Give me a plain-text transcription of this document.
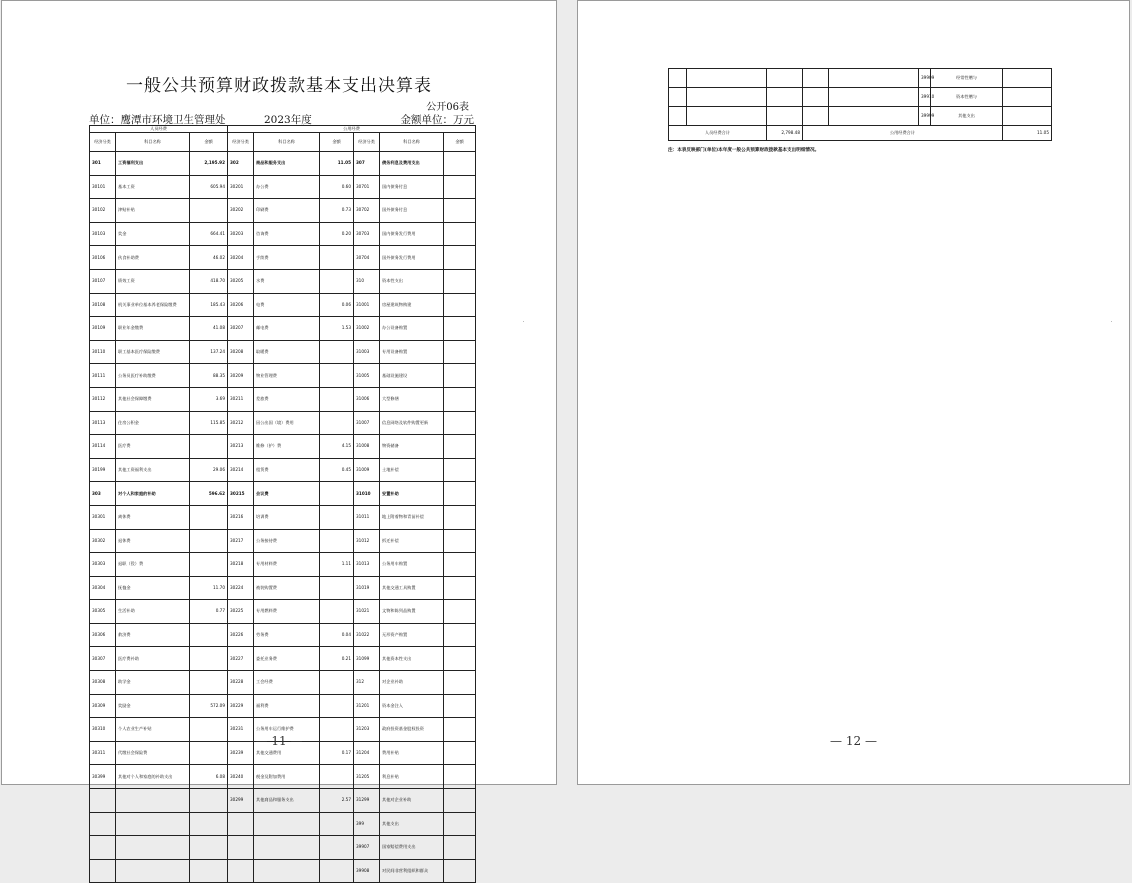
一般公共预算财政拨款基本支出决算表
公开06表
单位：鹰潭市环境卫生管理处	2023年度	金额单位：万元
人员经费			公用经费					
经济分类	科目名称	金额	经济分类	科目名称	金额	经济分类	科目名称	金额
301	工资福利支出	2,195.92	302	商品和服务支出	11.05	307	债务利息及费用支出	
30101	基本工资	605.94	30201	办公费	0.60	30701	国内债务付息	
30102	津贴补贴		30202	印刷费	0.73	30702	国外债务付息	
30103	奖金	664.41	30203	咨询费	0.20	30703	国内债务发行费用	
30106	伙食补助费	46.02	30204	手续费		30704	国外债务发行费用	
30107	绩效工资	418.70	30205	水费		310	资本性支出	
30108	机关事业单位基本养老保险缴费	185.43	30206	电费	0.06	31001	房屋建筑物购建	
30109	职业年金缴费	41.08	30207	邮电费	1.53	31002	办公设备购置	
30110	职工基本医疗保险缴费	137.24	30208	取暖费		31003	专用设备购置	
30111	公务员医疗补助缴费	88.35	30209	物业管理费		31005	基础设施建设	
30112	其他社会保障缴费	3.69	30211	差旅费		31006	大型修缮	
30113	住房公积金	115.85	30212	因公出国（境）费用		31007	信息网络及软件购置更新	
30114	医疗费		30213	维修（护）费	4.15	31008	物资储备	
30199	其他工资福利支出	29.06	30214	租赁费	0.45	31009	土地补偿	
303	对个人和家庭的补助	596.62	30215	会议费		31010	安置补助	
30301	离休费		30216	培训费		31011	地上附着物和青苗补偿	
30302	退休费		30217	公务接待费		31012	拆迁补偿	
30303	退职（役）费		30218	专用材料费	1.11	31013	公务用车购置	
30304	抚恤金	11.70	30224	被装购置费		31019	其他交通工具购置	
30305	生活补助	0.77	30225	专用燃料费		31021	文物和陈列品购置	
30306	救济费		30226	劳务费	0.04	31022	无形资产购置	
30307	医疗费补助		30227	委托业务费	0.21	31099	其他资本性支出	
30308	助学金		30228	工会经费		312	对企业补助	
30309	奖励金	572.09	30229	福利费		31201	资本金注入	
30310	个人农业生产补贴		30231	公务用车运行维护费		31203	政府投资基金股权投资	
30311	代缴社会保险费		30239	其他交通费用	0.17	31204	费用补贴	
30399	其他对个人和家庭的补助支出	6.08	30240	税金及附加费用		31205	利息补贴	
			30299	其他商品和服务支出	2.57	31299	其他对企业补助	
						399	其他支出	
						39907	国家赔偿费用支出	
						39908	对民间非营利组织和群众	
— 11 —
					39909	经常性赠与	
					39910	资本性赠与	
					39999	其他支出	
人员经费合计		2,798.48	公用经费合计				11.05
注：本表反映部门(单位)本年度一般公共预算财政拨款基本支出明细情况。
— 12 —
